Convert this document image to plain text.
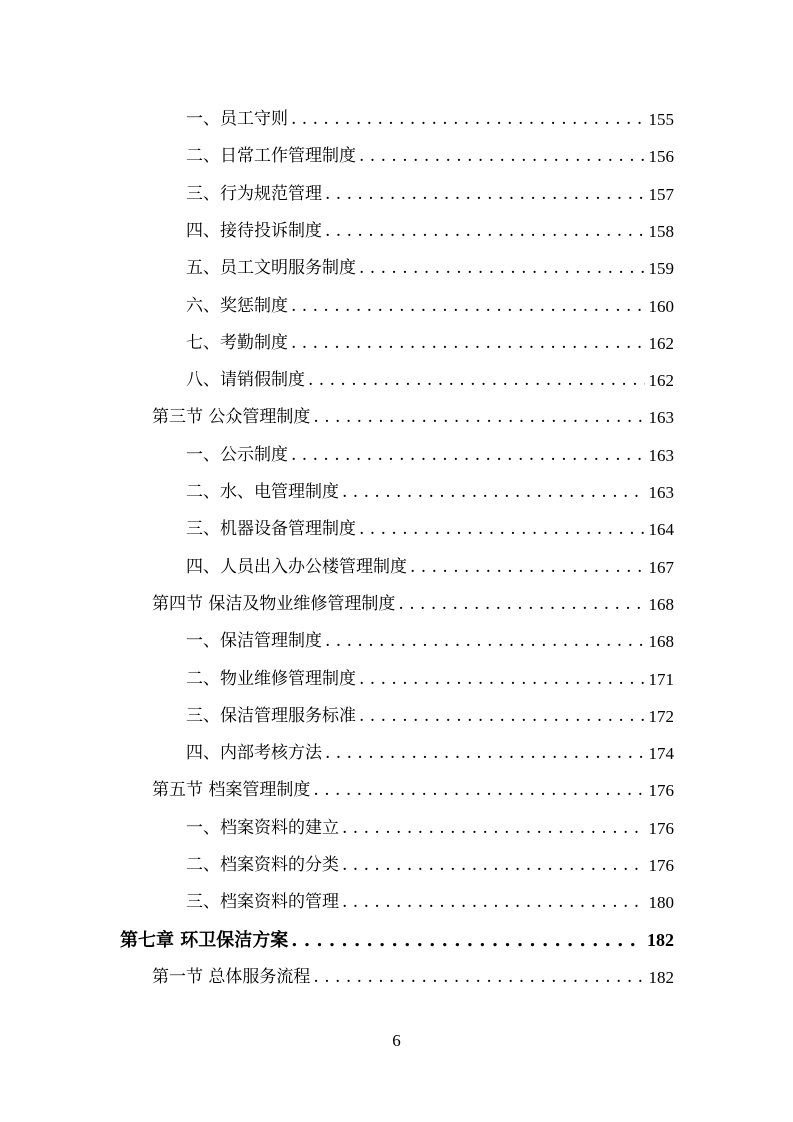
一、员工守则 . . .	155
二、日常工作管理制度 . . .	156
三、行为规范管理 . . .	157
四、接待投诉制度 . . .	158
五、员工文明服务制度 . . .	159
六、奖惩制度 . . .	160
七、考勤制度 . . .	162
八、请销假制度 . . .	162
第三节 公众管理制度 . . .	163
一、公示制度 . . .	163
二、水、电管理制度 . . .	163
三、机器设备管理制度 . . .	164
四、人员出入办公楼管理制度 . . .	167
第四节 保洁及物业维修管理制度 . . .	168
一、保洁管理制度 . . .	168
二、物业维修管理制度 . . .	171
三、保洁管理服务标准 . . .	172
四、内部考核方法 . . .	174
第五节 档案管理制度 . . .	176
一、档案资料的建立 . . .	176
二、档案资料的分类 . . .	176
三、档案资料的管理 . . .	180
第七章 环卫保洁方案 . . .	182
第一节 总体服务流程 . . .	182
6
